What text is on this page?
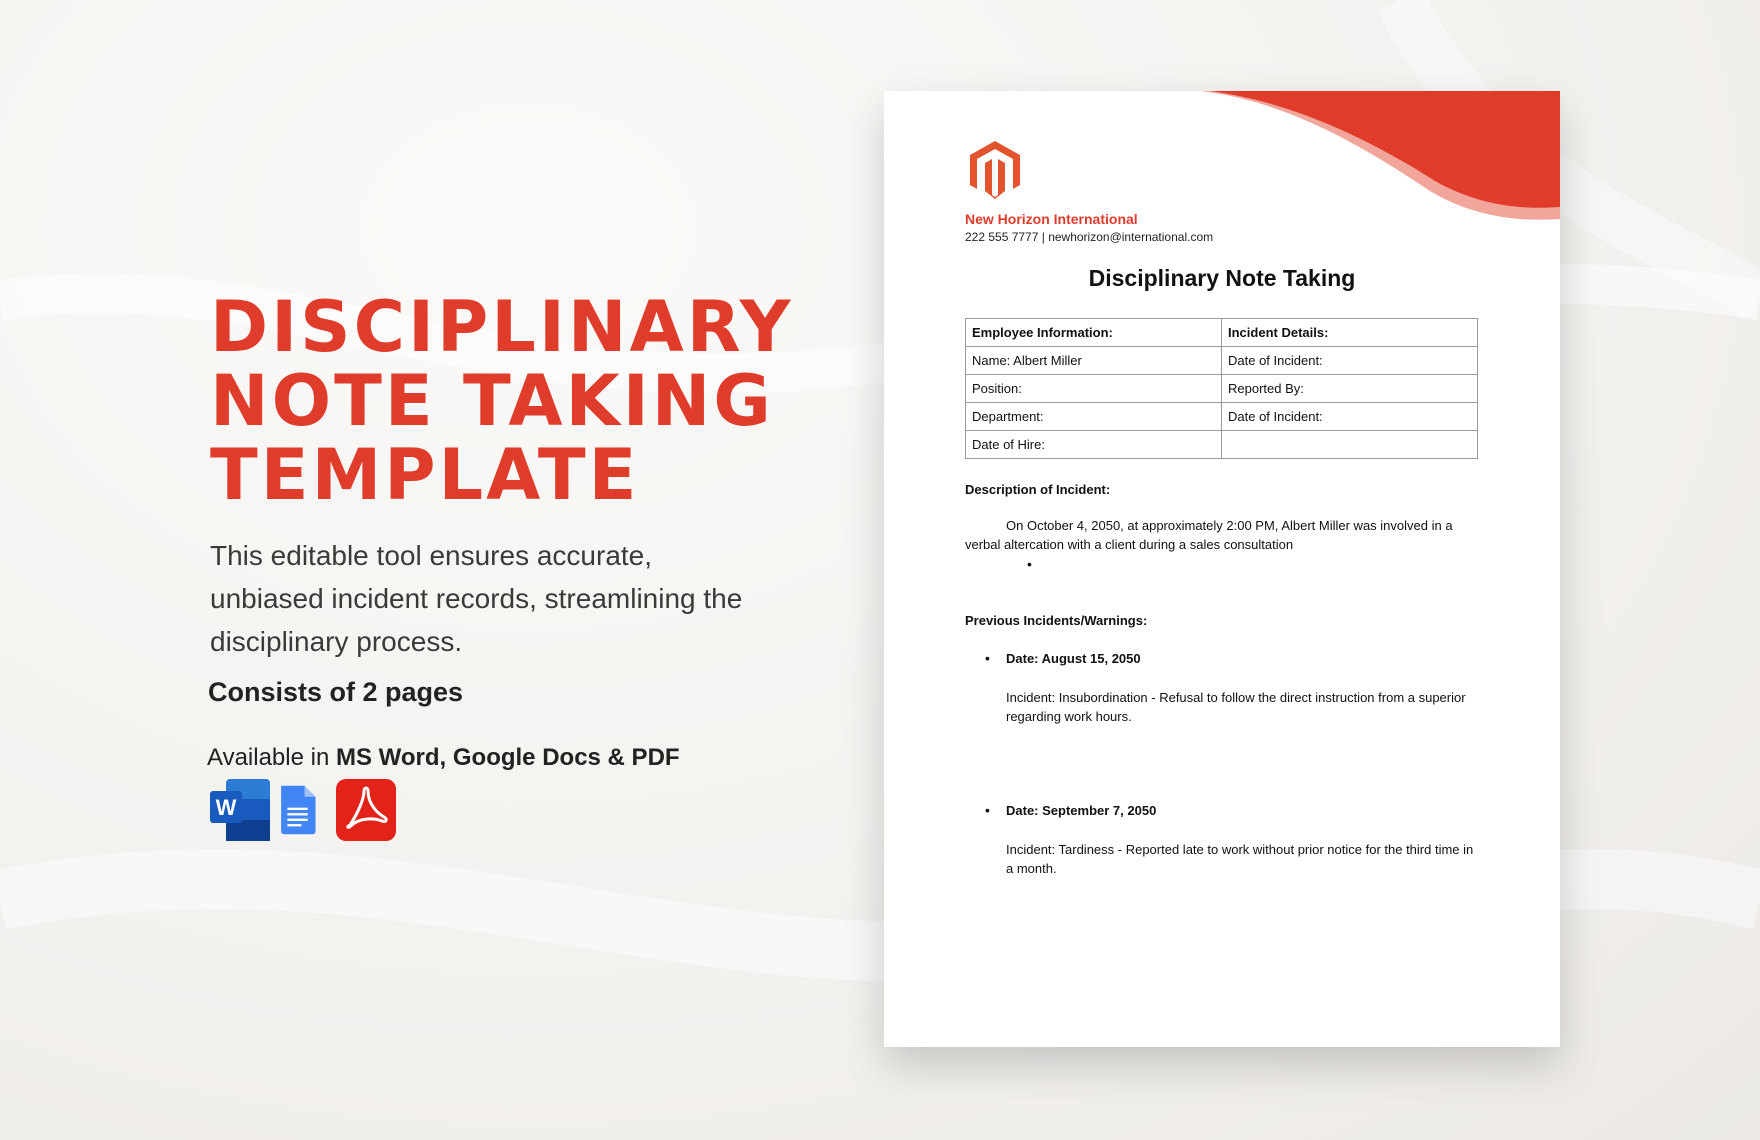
DISCIPLINARY
NOTE TAKING
TEMPLATE
This editable tool ensures accurate, unbiased incident records, streamlining the disciplinary process.
Consists of 2 pages
Available in MS Word, Google Docs & PDF
W
New Horizon International
222 555 7777 | newhorizon@international.com
Disciplinary Note Taking
Employee Information:	Incident Details:
Name: Albert Miller	Date of Incident:
Position:	Reported By:
Department:	Date of Incident:
Date of Hire:	
Description of Incident:
On October 4, 2050, at approximately 2:00 PM, Albert Miller was involved in a verbal altercation with a client during a sales consultation
•
Previous Incidents/Warnings:
• Date: August 15, 2050
Incident: Insubordination - Refusal to follow the direct instruction from a superior regarding work hours.
• Date: September 7, 2050
Incident: Tardiness - Reported late to work without prior notice for the third time in a month.
